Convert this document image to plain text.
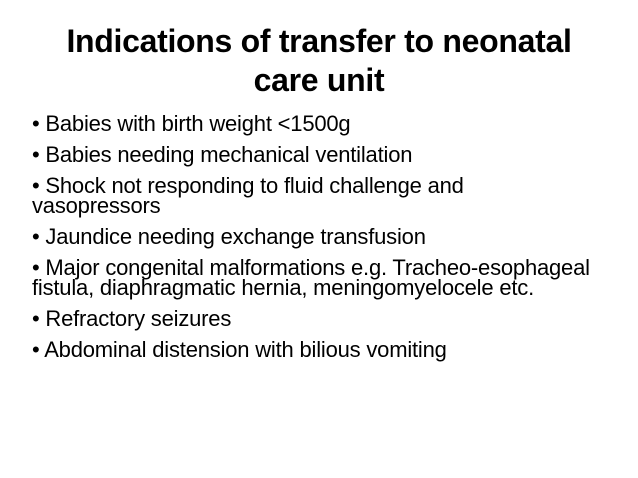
Indications of transfer to neonatal care unit
• Babies with birth weight <1500g
• Babies needing mechanical ventilation
• Shock not responding to fluid challenge and vasopressors
• Jaundice needing exchange transfusion
• Major congenital malformations e.g. Tracheo-esophageal fistula, diaphragmatic hernia, meningomyelocele etc.
• Refractory seizures
• Abdominal distension with bilious vomiting
